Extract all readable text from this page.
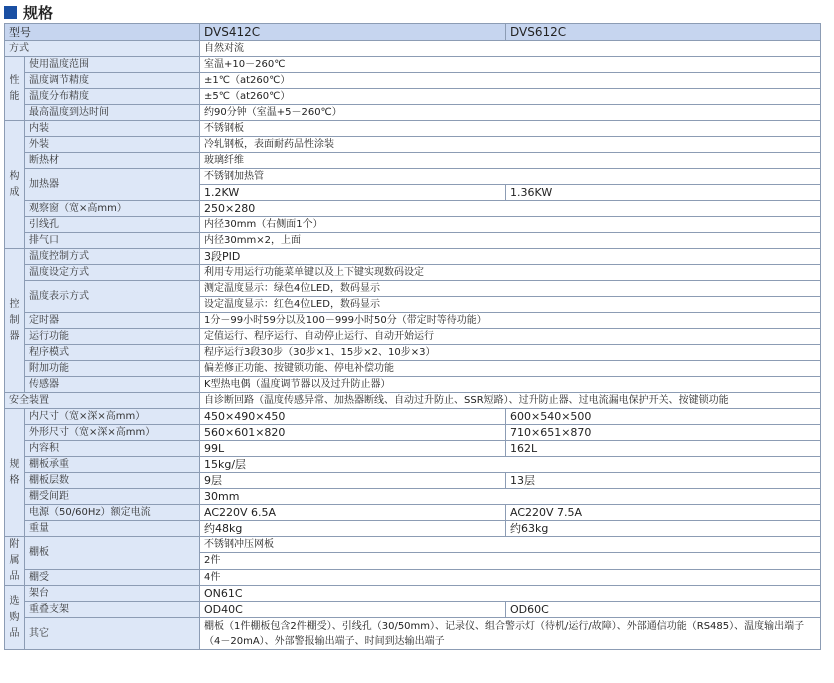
规格
型号		DVS412C	DVS612C
方式		自然对流	
性能	使用温度范围	室温+10－260℃	
	温度调节精度	±1℃（at260℃）	
	温度分布精度	±5℃（at260℃）	
	最高温度到达时间	约90分钟（室温+5－260℃）	
构成	内装	不锈钢板	
	外装	冷轧钢板，表面耐药品性涂装	
	断热材	玻璃纤维	
	加热器	不锈钢加热管	
		1.2KW	1.36KW
	观察窗（宽×高mm）	250×280	
	引线孔	内径30mm（右侧面1个）	
	排气口	内径30mm×2，上面	
控制器	温度控制方式	3段PID	
	温度设定方式	利用专用运行功能菜单键以及上下键实现数码设定	
	温度表示方式	测定温度显示：绿色4位LED，数码显示	
		设定温度显示：红色4位LED，数码显示	
	定时器	1分－99小时59分以及100－999小时50分（带定时等待功能）	
	运行功能	定值运行、程序运行、自动停止运行、自动开始运行	
	程序模式	程序运行3段30步（30步×1、15步×2、10步×3）	
	附加功能	偏差修正功能、按键锁功能、停电补偿功能	
	传感器	K型热电偶（温度调节器以及过升防止器）	

安全装置		自诊断回路（温度传感异常、加热器断线、自动过升防止、SSR短路）、过升防止器、过电流漏电保护开关、按键锁功能	
规格	内尺寸（宽×深×高mm）	450×490×450	600×540×500
	外形尺寸（宽×深×高mm）	560×601×820	710×651×870
	内容积	99L	162L
	棚板承重	15kg/层	
	棚板层数	9层	13层
	棚受间距	30mm	
	电源（50/60Hz）额定电流	AC220V 6.5A	AC220V 7.5A
	重量	约48kg	约63kg
附属品	棚板	不锈钢冲压网板	
		2件	
	棚受	4件	
选购品	架台	ON61C	
	重叠支架	OD40C	OD60C
	其它	棚板（1件棚板包含2件棚受）、引线孔（30/50mm）、记录仪、组合警示灯（待机/运行/故障）、外部通信功能（RS485）、温度输出端子（4－20mA）、外部警报输出端子、时间到达输出端子	
